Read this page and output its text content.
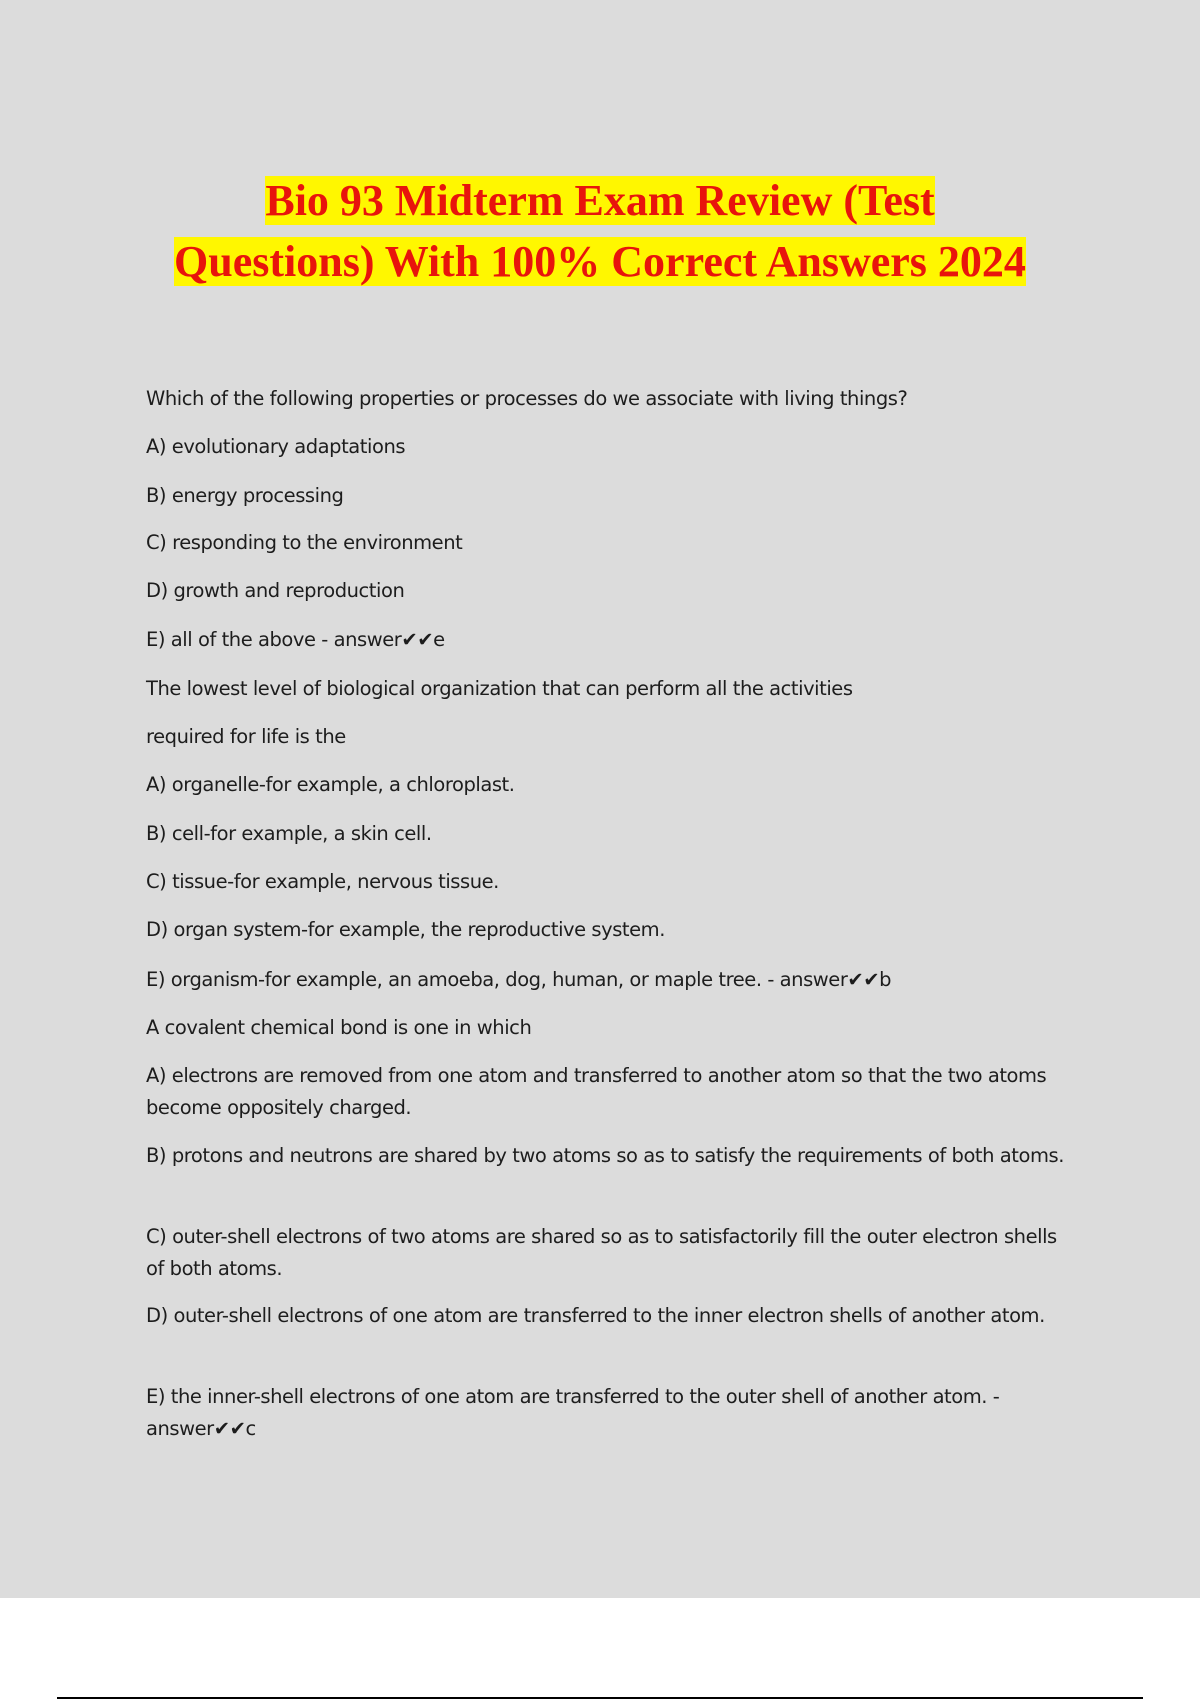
Bio 93 Midterm Exam Review (Test
Questions) With 100% Correct Answers 2024

Which of the following properties or processes do we associate with living things?

A) evolutionary adaptations

B) energy processing

C) responding to the environment

D) growth and reproduction

E) all of the above - answer✔✔e

The lowest level of biological organization that can perform all the activities

required for life is the

A) organelle-for example, a chloroplast.

B) cell-for example, a skin cell.

C) tissue-for example, nervous tissue.

D) organ system-for example, the reproductive system.

E) organism-for example, an amoeba, dog, human, or maple tree. - answer✔✔b

A covalent chemical bond is one in which

A) electrons are removed from one atom and transferred to another atom so that the two atoms become oppositely charged.

B) protons and neutrons are shared by two atoms so as to satisfy the requirements of both atoms.

C) outer-shell electrons of two atoms are shared so as to satisfactorily fill the outer electron shells of both atoms.

D) outer-shell electrons of one atom are transferred to the inner electron shells of another atom.

E) the inner-shell electrons of one atom are transferred to the outer shell of another atom. - answer✔✔c
